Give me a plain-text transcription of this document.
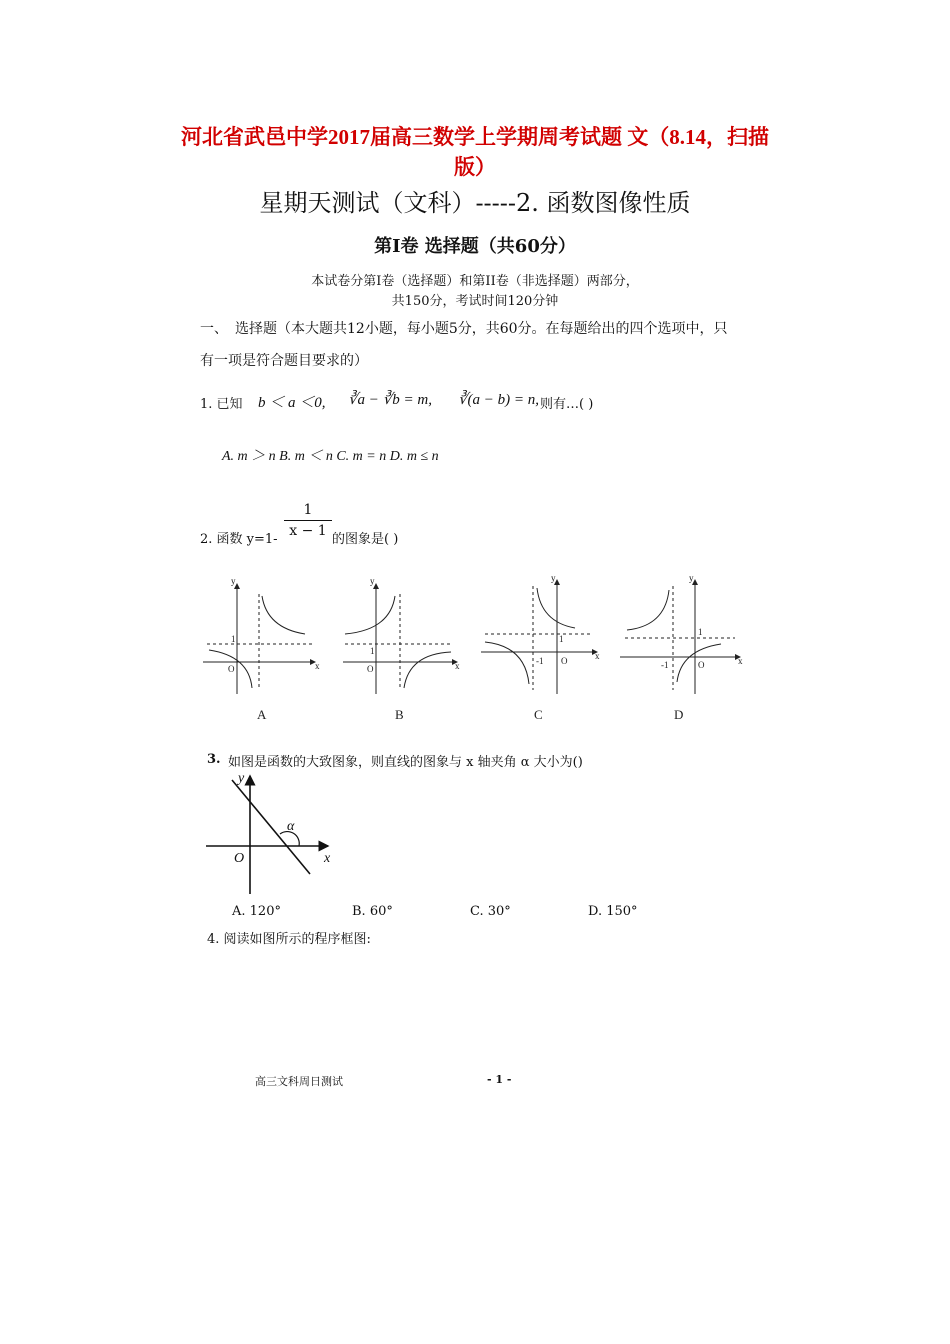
河北省武邑中学2017届高三数学上学期周考试题 文（8.14，扫描
版）
星期天测试（文科）-----2. 函数图像性质
第Ⅰ卷 选择题（共60分）
本试卷分第Ⅰ卷（选择题）和第II卷（非选择题）两部分，
共150分，考试时间120分钟
一、 选择题（本大题共12小题，每小题5分，共60分。在每题给出的四个选项中，只
有一项是符合题目要求的）
1. 已知 b ＜ a ＜0, ∛a − ∛b = m, ∛(a − b) = n, 则有…( )
A. m ＞ n B. m ＜ n C. m = n D. m ≤ n
2. 函数 y=1-
1
x − 1
的图象是( )
y
x
O
1
y
x
O
1
y
x
O
1
-1
y
x
O
1
-1
A	B	C	D
3. 如图是函数的大致图象，则直线的图象与 x 轴夹角 α 大小为()
y
x
O
α
A. 120°	B. 60°	C. 30°	D. 150°
4. 阅读如图所示的程序框图:
高三文科周日测试	- 1 -
